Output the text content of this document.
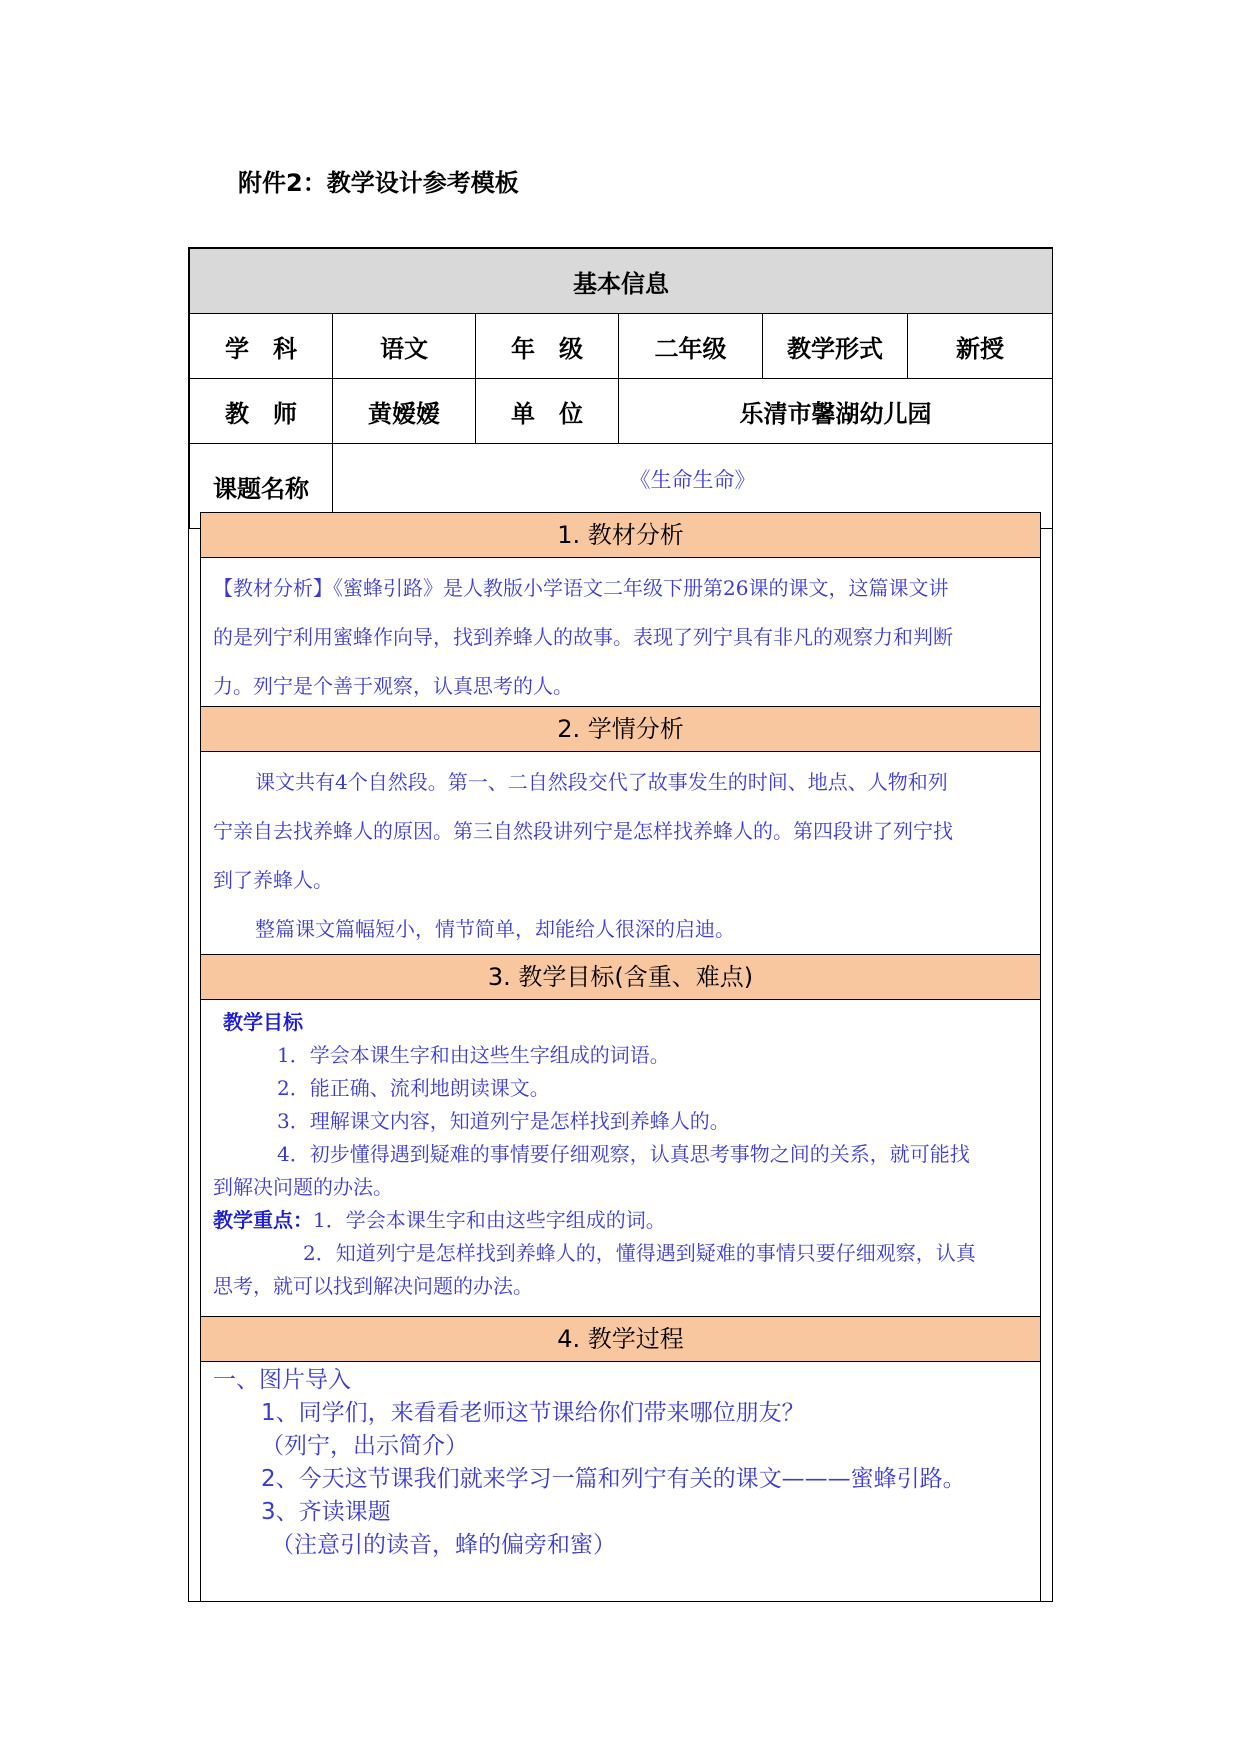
附件2：教学设计参考模板
基本信息					
学　科	语文	年　级	二年级	教学形式	新授
教　师	黄嫒嫒	单　位	乐清市馨湖幼儿园		
课题名称	《生命生命》				
1. 教材分析

【教材分析】《蜜蜂引路》是人教版小学语文二年级下册第26课的课文，这篇课文讲

的是列宁利用蜜蜂作向导，找到养蜂人的故事。表现了列宁具有非凡的观察力和判断

力。列宁是个善于观察，认真思考的人。

2. 学情分析

课文共有4个自然段。第一、二自然段交代了故事发生的时间、地点、人物和列

宁亲自去找养蜂人的原因。第三自然段讲列宁是怎样找养蜂人的。第四段讲了列宁找

到了养蜂人。

整篇课文篇幅短小，情节简单，却能给人很深的启迪。

3. 教学目标(含重、难点)
教学目标
1．学会本课生字和由这些生字组成的词语。
2．能正确、流利地朗读课文。
3．理解课文内容，知道列宁是怎样找到养蜂人的。
4．初步懂得遇到疑难的事情要仔细观察，认真思考事物之间的关系，就可能找
到解决问题的办法。
教学重点：1．学会本课生字和由这些字组成的词。
2．知道列宁是怎样找到养蜂人的，懂得遇到疑难的事情只要仔细观察，认真
思考，就可以找到解决问题的办法。
4. 教学过程
一、图片导入
1、同学们，来看看老师这节课给你们带来哪位朋友？
（列宁，出示简介）
2、今天这节课我们就来学习一篇和列宁有关的课文———蜜蜂引路。
3、齐读课题
（注意引的读音，蜂的偏旁和蜜）
